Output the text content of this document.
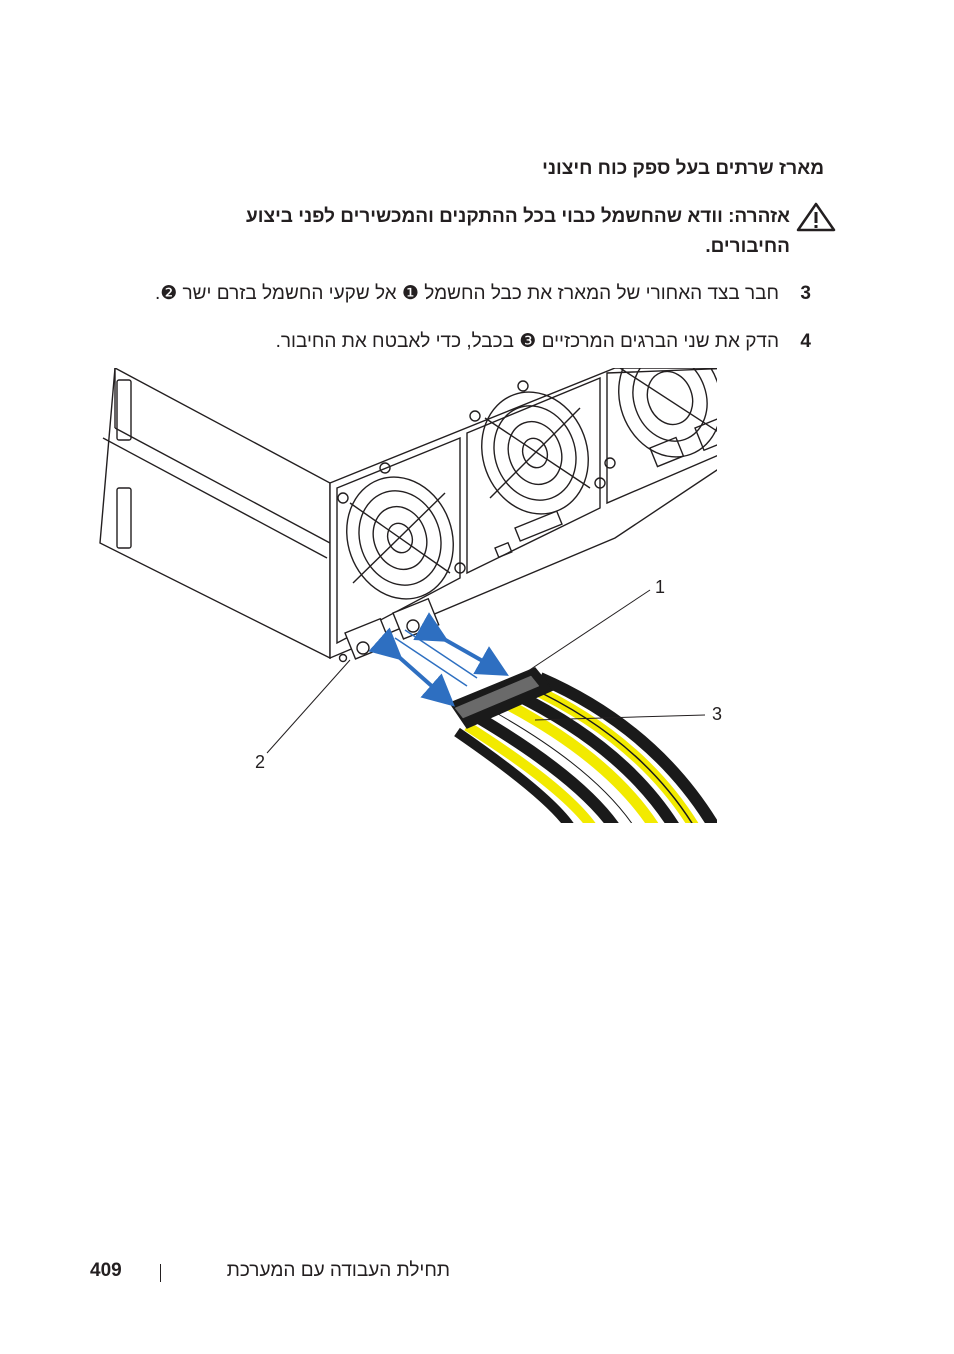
מארז שרתים בעל ספק כוח חיצוני
אזהרה: וודא שהחשמל כבוי בכל ההתקנים והמכשירים לפני ביצוע החיבורים.
3
חבר בצד האחורי של המארז את כבל החשמל ❶ אל שקעי החשמל בזרם ישר ❷.
4
הדק את שני הברגים המרכזיים ❸ בכבל, כדי לאבטח את החיבור.
1
2
3
409	תחילת העבודה עם המערכת
